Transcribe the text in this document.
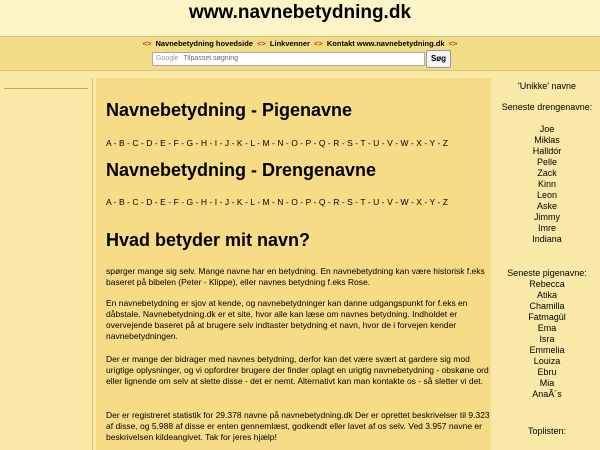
www.navnebetydning.dk
<> Navnebetydning hovedside <> Linkvenner <> Kontakt www.navnebetydning.dk <>
Google Tilpasset søgning	Søg
Navnebetydning - Pigenavne
A - B - C - D - E - F - G - H - I - J - K - L - M - N - O - P - Q - R - S - T - U - V - W - X - Y - Z
Navnebetydning - Drengenavne
A - B - C - D - E - F - G - H - I - J - K - L - M - N - O - P - Q - R - S - T - U - V - W - X - Y - Z
Hvad betyder mit navn?
spørger mange sig selv. Mange navne har en betydning. En navnebetydning kan være historisk f.eks baseret på bibelen (Peter - Klippe), eller navnes betydning f.eks Rose.
En navnebetydning er sjov at kende, og navnebetydninger kan danne udgangspunkt for f.eks en dåbstale. Navnebetydning.dk er et site, hvor alle kan læse om navnes betydning. Indholdet er overvejende baseret på at brugere selv indtaster betydning et navn, hvor de i forvejen kender navnebetydningen.
Der er mange der bidrager med navnes betydning, derfor kan det være svært at gardere sig mod urigtige oplysninger, og vi opfordrer brugere der finder oplagt en urigtig navnebetydning - obskøne ord eller lignende om selv at slette disse - det er nemt. Alternativt kan man kontakte os - så sletter vi det.
Der er registreret statistik for 29.378 navne på navnebetydning.dk Der er oprettet beskrivelser til 9.323 af disse, og 5.988 af disse er enten gennemlæst, godkendt eller lavet af os selv. Ved 3.957 navne er beskrivelsen kildeangivet. Tak for jeres hjælp!
'Unikke' navne
Seneste drengenavne:
Joe
Miklas
Halldór
Pelle
Zack
Kinn
Leon
Aske
Jimmy
Imre
Indiana
Seneste pigenavne:
Rebecca
Atika
Chamilla
Fatmagül
Ema
Isra
Emmelia
Louiza
Ebru
Mia
AnaÃ´s
Toplisten:
